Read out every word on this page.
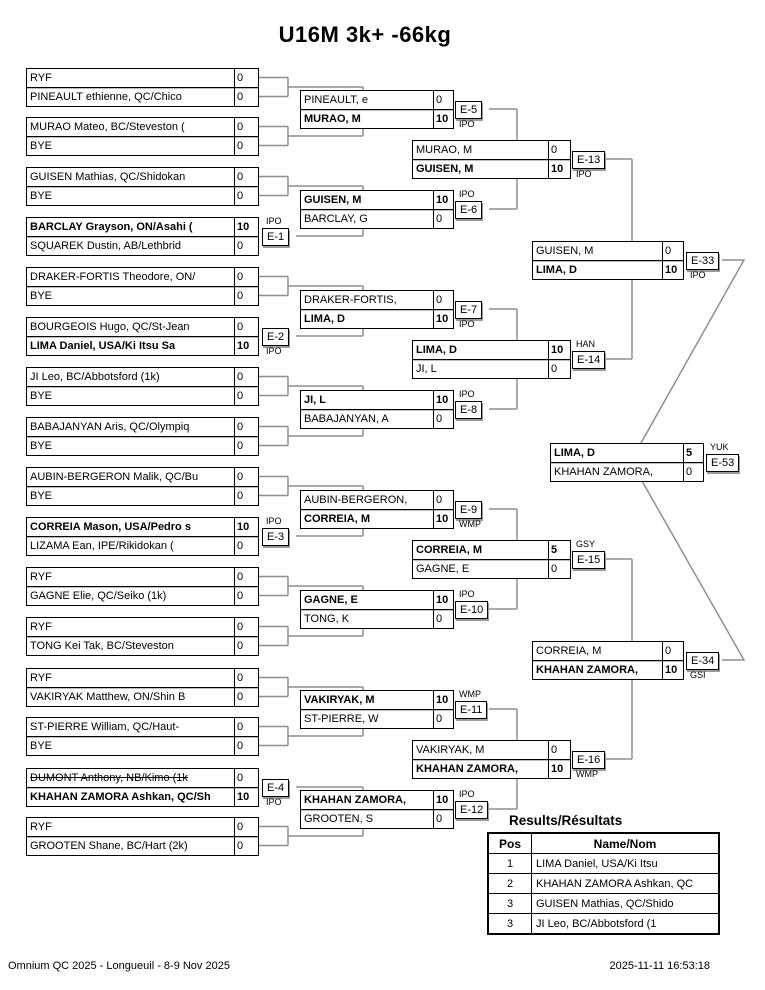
U16M 3k+ -66kg
RYF	0
PINEAULT ethienne, QC/Chico	0
MURAO Mateo, BC/Steveston (	0
BYE	0
GUISEN Mathias, QC/Shidokan	0
BYE	0
BARCLAY Grayson, ON/Asahi (	10
SQUAREK Dustin, AB/Lethbrid	0
DRAKER-FORTIS Theodore, ON/	0
BYE	0
BOURGEOIS Hugo, QC/St-Jean	0
LIMA Daniel, USA/Ki Itsu Sa	10
JI Leo, BC/Abbotsford (1k)	0
BYE	0
BABAJANYAN Aris, QC/Olympiq	0
BYE	0
AUBIN-BERGERON Malik, QC/Bu	0
BYE	0
CORREIA Mason, USA/Pedro s	10
LIZAMA Ean, IPE/Rikidokan (	0
RYF	0
GAGNE Elie, QC/Seiko (1k)	0
RYF	0
TONG Kei Tak, BC/Steveston	0
RYF	0
VAKIRYAK Matthew, ON/Shin B	0
ST-PIERRE William, QC/Haut-	0
BYE	0
DUMONT Anthony, NB/Kimo (1k	0
KHAHAN ZAMORA Ashkan, QC/Sh	10
RYF	0
GROOTEN Shane, BC/Hart (2k)	0
E-1
IPO
E-2
IPO
E-3
IPO
E-4
IPO
PINEAULT, e	0
MURAO, M	10
GUISEN, M	10
BARCLAY, G	0
DRAKER-FORTIS,	0
LIMA, D	10
JI, L	10
BABAJANYAN, A	0
AUBIN-BERGERON,	0
CORREIA, M	10
GAGNE, E	10
TONG, K	0
VAKIRYAK, M	10
ST-PIERRE, W	0
KHAHAN ZAMORA,	10
GROOTEN, S	0
E-5
IPO
E-6
IPO
E-7
IPO
E-8
IPO
E-9
WMP
E-10
IPO
E-11
WMP
E-12
IPO
MURAO, M	0
GUISEN, M	10
LIMA, D	10
JI, L	0
CORREIA, M	5
GAGNE, E	0
VAKIRYAK, M	0
KHAHAN ZAMORA,	10
E-13
IPO
E-14
HAN
E-15
GSY
E-16
WMP
GUISEN, M	0
LIMA, D	10
CORREIA, M	0
KHAHAN ZAMORA,	10
E-33
IPO
E-34
GSI
LIMA, D	5
KHAHAN ZAMORA,	0
E-53
YUK
Results/Résultats
Pos	Name/Nom
1	LIMA Daniel, USA/Ki Itsu
2	KHAHAN ZAMORA Ashkan, QC
3	GUISEN Mathias, QC/Shido
3	JI Leo, BC/Abbotsford (1
Omnium QC 2025 - Longueuil - 8-9 Nov 2025	2025-11-11 16:53:18
